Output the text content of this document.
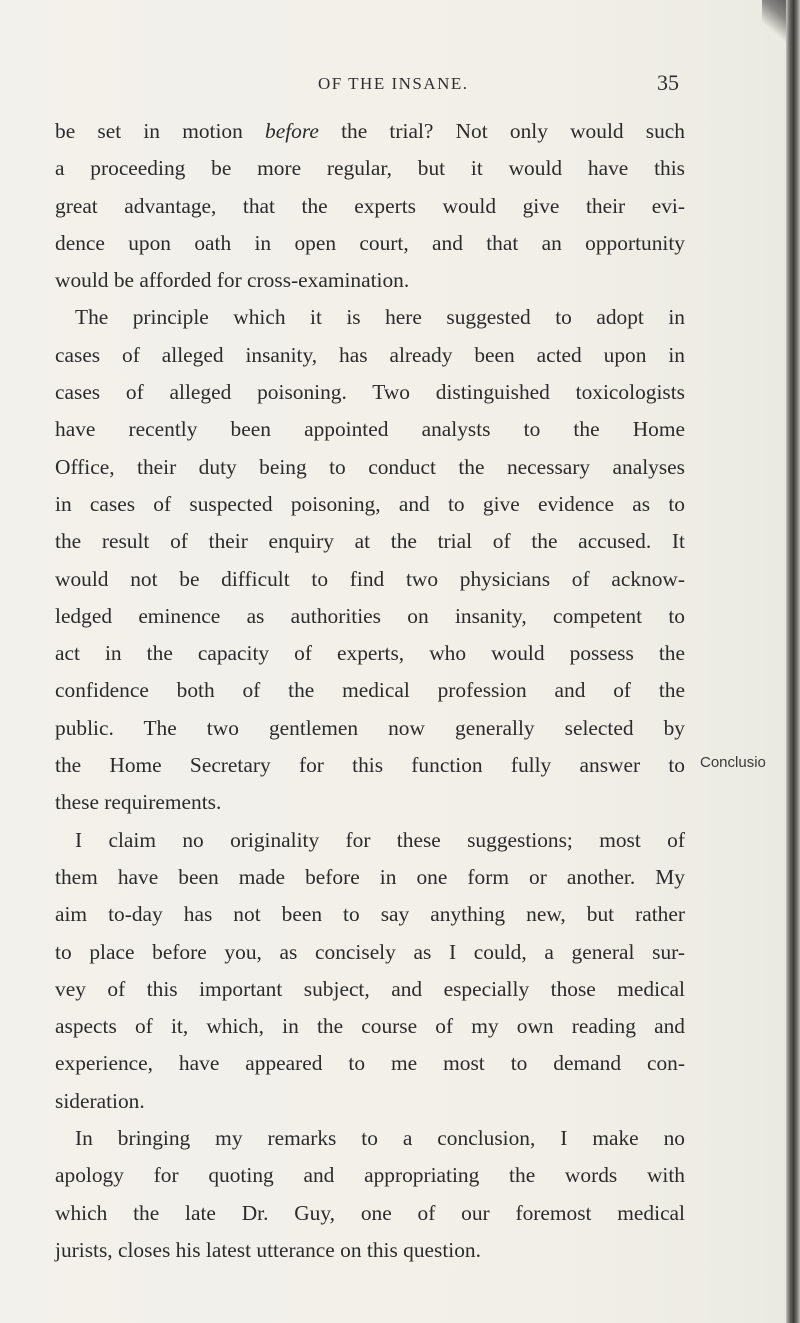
OF THE INSANE.	35
be set in motion before the trial? Not only would such
a proceeding be more regular, but it would have this
great advantage, that the experts would give their evi-
dence upon oath in open court, and that an opportunity
would be afforded for cross-examination.
The principle which it is here suggested to adopt in
cases of alleged insanity, has already been acted upon in
cases of alleged poisoning. Two distinguished toxicologists
have recently been appointed analysts to the Home
Office, their duty being to conduct the necessary analyses
in cases of suspected poisoning, and to give evidence as to
the result of their enquiry at the trial of the accused. It
would not be difficult to find two physicians of acknow-
ledged eminence as authorities on insanity, competent to
act in the capacity of experts, who would possess the
confidence both of the medical profession and of the
public. The two gentlemen now generally selected by
the Home Secretary for this function fully answer to
these requirements.
I claim no originality for these suggestions; most of
them have been made before in one form or another. My
aim to-day has not been to say anything new, but rather
to place before you, as concisely as I could, a general sur-
vey of this important subject, and especially those medical
aspects of it, which, in the course of my own reading and
experience, have appeared to me most to demand con-
sideration.
In bringing my remarks to a conclusion, I make no
apology for quoting and appropriating the words with
which the late Dr. Guy, one of our foremost medical
jurists, closes his latest utterance on this question.
Conclusio
